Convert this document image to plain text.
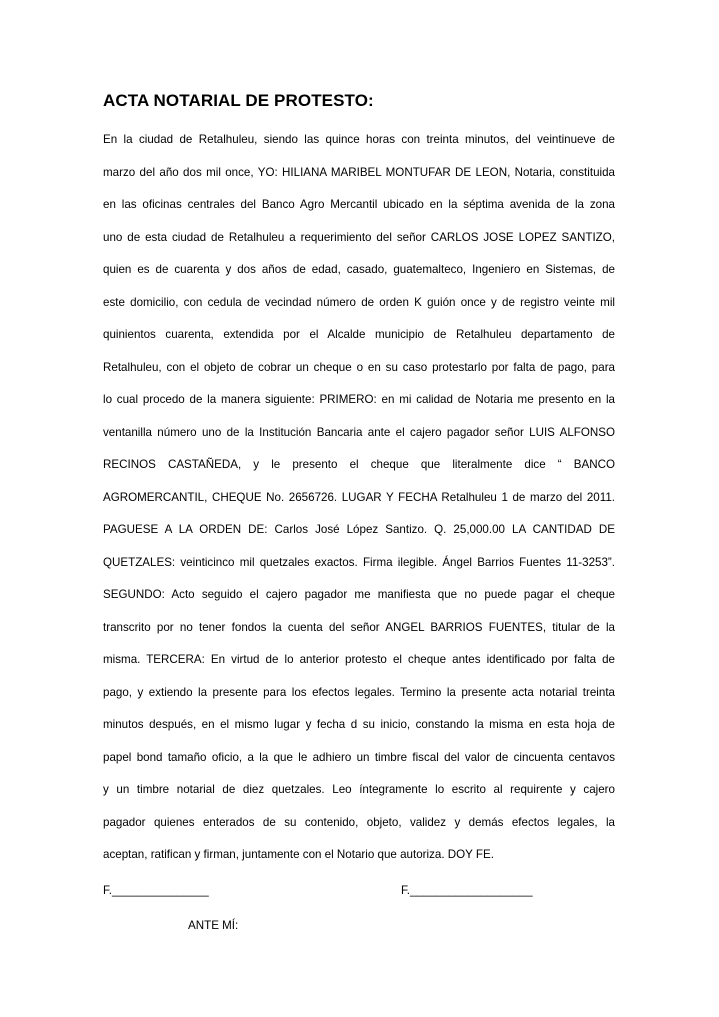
ACTA NOTARIAL DE PROTESTO:
En la ciudad de Retalhuleu, siendo las quince horas con treinta minutos, del veintinueve de
marzo del año dos mil once, YO: HILIANA MARIBEL MONTUFAR DE LEON, Notaria, constituida
en las oficinas centrales del Banco Agro Mercantil ubicado en la séptima avenida de la zona
uno de esta ciudad de Retalhuleu a requerimiento del señor CARLOS JOSE LOPEZ SANTIZO,
quien es de cuarenta y dos años de edad, casado, guatemalteco, Ingeniero en Sistemas, de
este domicilio, con cedula de vecindad número de orden K guión once y de registro veinte mil
quinientos cuarenta, extendida por el Alcalde municipio de Retalhuleu departamento de
Retalhuleu, con el objeto de cobrar un cheque o en su caso protestarlo por falta de pago, para
lo cual procedo de la manera siguiente: PRIMERO: en mi calidad de Notaria me presento en la
ventanilla número uno de la Institución Bancaria ante el cajero pagador señor LUIS ALFONSO
RECINOS CASTAÑEDA, y le presento el cheque que literalmente dice “ BANCO
AGROMERCANTIL, CHEQUE No. 2656726. LUGAR Y FECHA Retalhuleu 1 de marzo del 2011.
PAGUESE A LA ORDEN DE: Carlos José López Santizo. Q. 25,000.00 LA CANTIDAD DE
QUETZALES: veinticinco mil quetzales exactos. Firma ilegible. Ángel Barrios Fuentes 11-3253”.
SEGUNDO: Acto seguido el cajero pagador me manifiesta que no puede pagar el cheque
transcrito por no tener fondos la cuenta del señor ANGEL BARRIOS FUENTES, titular de la
misma. TERCERA: En virtud de lo anterior protesto el cheque antes identificado por falta de
pago, y extiendo la presente para los efectos legales. Termino la presente acta notarial treinta
minutos después, en el mismo lugar y fecha d su inicio, constando la misma en esta hoja de
papel bond tamaño oficio, a la que le adhiero un timbre fiscal del valor de cincuenta centavos
y un timbre notarial de diez quetzales. Leo íntegramente lo escrito al requirente y cajero
pagador quienes enterados de su contenido, objeto, validez y demás efectos legales, la
aceptan, ratifican y firman, juntamente con el Notario que autoriza. DOY FE.
F._______________	F.___________________
ANTE MÍ:
